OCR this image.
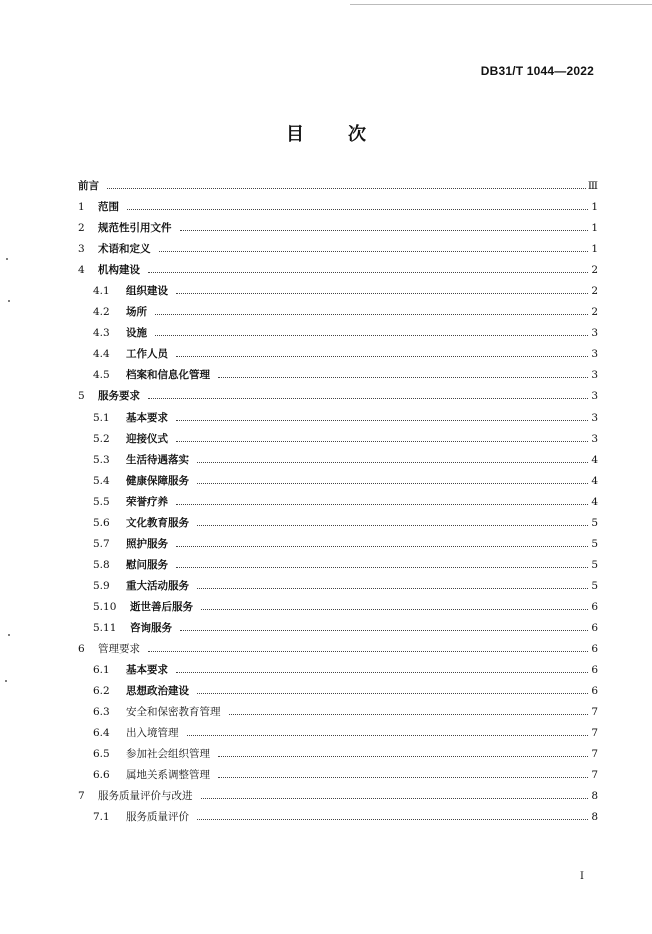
DB31/T 1044—2022
目次
前言	Ⅲ
1	范围	1
2	规范性引用文件	1
3	术语和定义	1
4	机构建设	2
4.1	组织建设	2
4.2	场所	2
4.3	设施	3
4.4	工作人员	3
4.5	档案和信息化管理	3
5	服务要求	3
5.1	基本要求	3
5.2	迎接仪式	3
5.3	生活待遇落实	4
5.4	健康保障服务	4
5.5	荣誉疗养	4
5.6	文化教育服务	5
5.7	照护服务	5
5.8	慰问服务	5
5.9	重大活动服务	5
5.10	逝世善后服务	6
5.11	咨询服务	6
6	管理要求	6
6.1	基本要求	6
6.2	思想政治建设	6
6.3	安全和保密教育管理	7
6.4	出入境管理	7
6.5	参加社会组织管理	7
6.6	属地关系调整管理	7
7	服务质量评价与改进	8
7.1	服务质量评价	8
I
